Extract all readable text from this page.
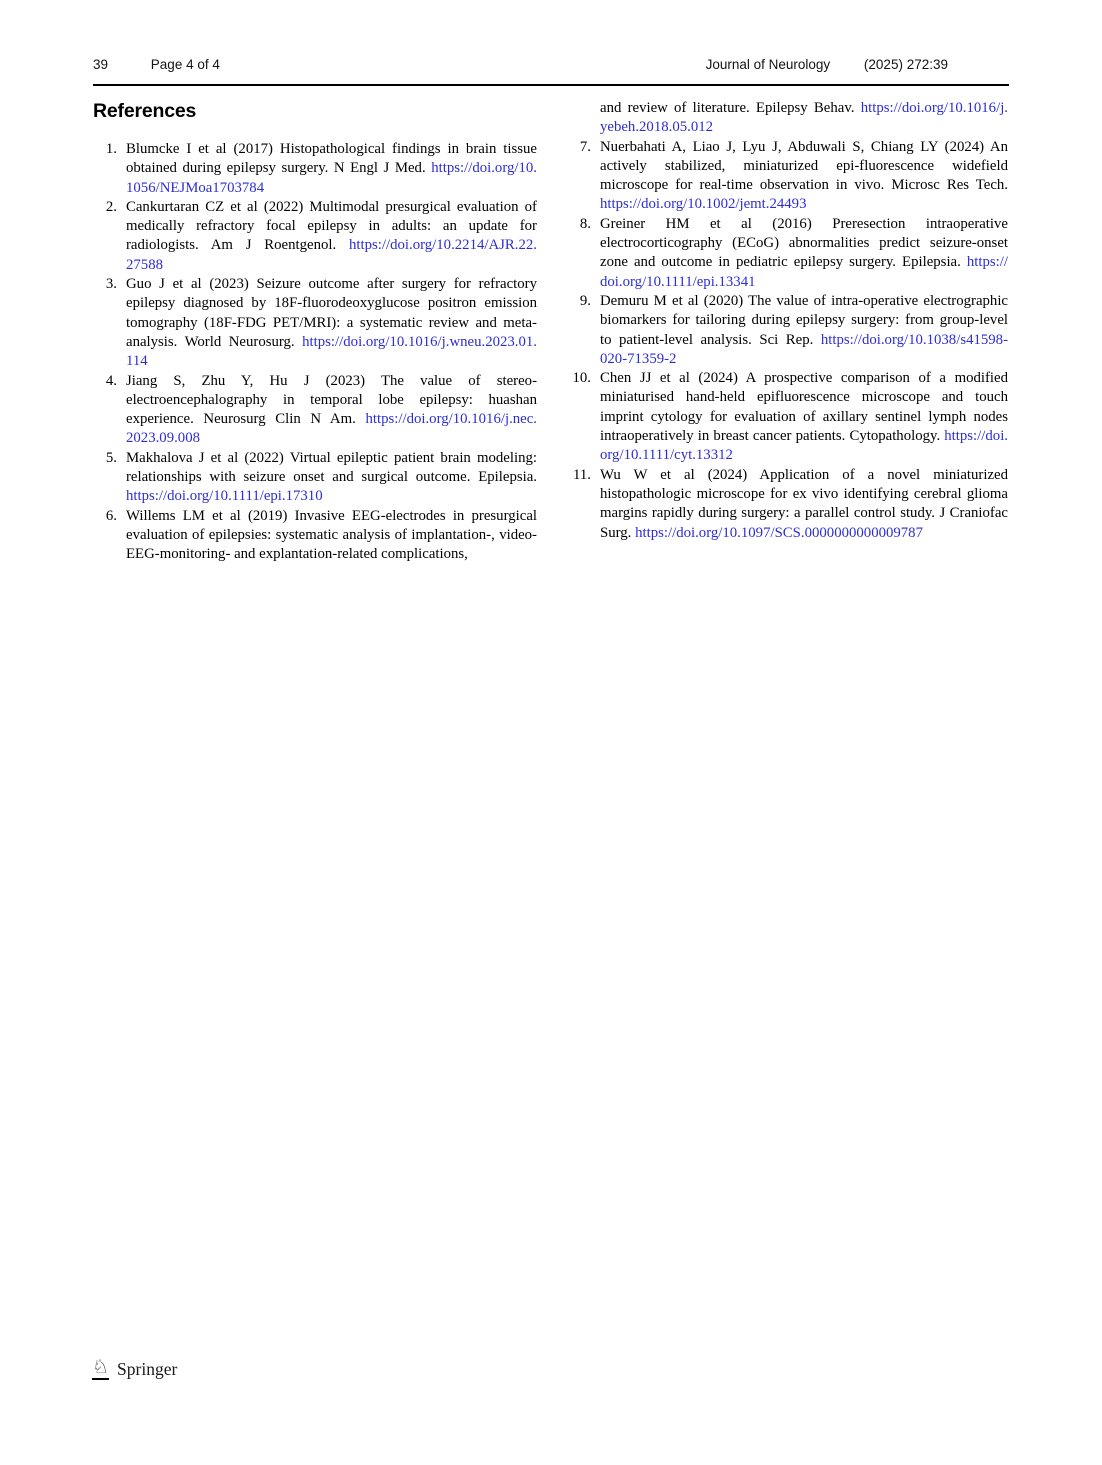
39	Page 4 of 4	Journal of Neurology	(2025) 272:39
References
1. Blumcke I et al (2017) Histopathological findings in brain tissue obtained during epilepsy surgery. N Engl J Med. https:/​/​doi.​org/​10.​1056/​NEJMoa1703784
2. Cankurtaran CZ et al (2022) Multimodal presurgical evaluation of medically refractory focal epilepsy in adults: an update for radiologists. Am J Roentgenol. https:/​/​doi.​org/​10.​2214/​AJR.​22.​27588
3. Guo J et al (2023) Seizure outcome after surgery for refractory epilepsy diagnosed by 18F-fluorodeoxyglucose positron emission tomography (18F-FDG PET/MRI): a systematic review and meta-analysis. World Neurosurg. https:/​/​doi.​org/​10.​1016/​j.​wneu.​2023.​01.​114
4. Jiang S, Zhu Y, Hu J (2023) The value of stereo-electroencephalography in temporal lobe epilepsy: huashan experience. Neurosurg Clin N Am. https:/​/​doi.​org/​10.​1016/​j.​nec.​2023.​09.​008
5. Makhalova J et al (2022) Virtual epileptic patient brain modeling: relationships with seizure onset and surgical outcome. Epilepsia. https:/​/​doi.​org/​10.​1111/​epi.​17310
6. Willems LM et al (2019) Invasive EEG-electrodes in presurgical evaluation of epilepsies: systematic analysis of implantation-, video-EEG-monitoring- and explantation-related complications,
and review of literature. Epilepsy Behav. https:/​/​doi.​org/​10.​1016/​j.​yebeh.​2018.​05.​012
7. Nuerbahati A, Liao J, Lyu J, Abduwali S, Chiang LY (2024) An actively stabilized, miniaturized epi-fluorescence widefield microscope for real-time observation in vivo. Microsc Res Tech. https:/​/​doi.​org/​10.​1002/​jemt.​24493
8. Greiner HM et al (2016) Preresection intraoperative electrocorticography (ECoG) abnormalities predict seizure-onset zone and outcome in pediatric epilepsy surgery. Epilepsia. https:/​/​doi.​org/​10.​1111/​epi.​13341
9. Demuru M et al (2020) The value of intra-operative electrographic biomarkers for tailoring during epilepsy surgery: from group-level to patient-level analysis. Sci Rep. https:/​/​doi.​org/​10.​1038/​s41598-020-71359-2
10. Chen JJ et al (2024) A prospective comparison of a modified miniaturised hand-held epifluorescence microscope and touch imprint cytology for evaluation of axillary sentinel lymph nodes intraoperatively in breast cancer patients. Cytopathology. https:/​/​doi.​org/​10.​1111/​cyt.​13312
11. Wu W et al (2024) Application of a novel miniaturized histopathologic microscope for ex vivo identifying cerebral glioma margins rapidly during surgery: a parallel control study. J Craniofac Surg. https:/​/​doi.​org/​10.​1097/​SCS.​0000000000009787
♘ Springer
